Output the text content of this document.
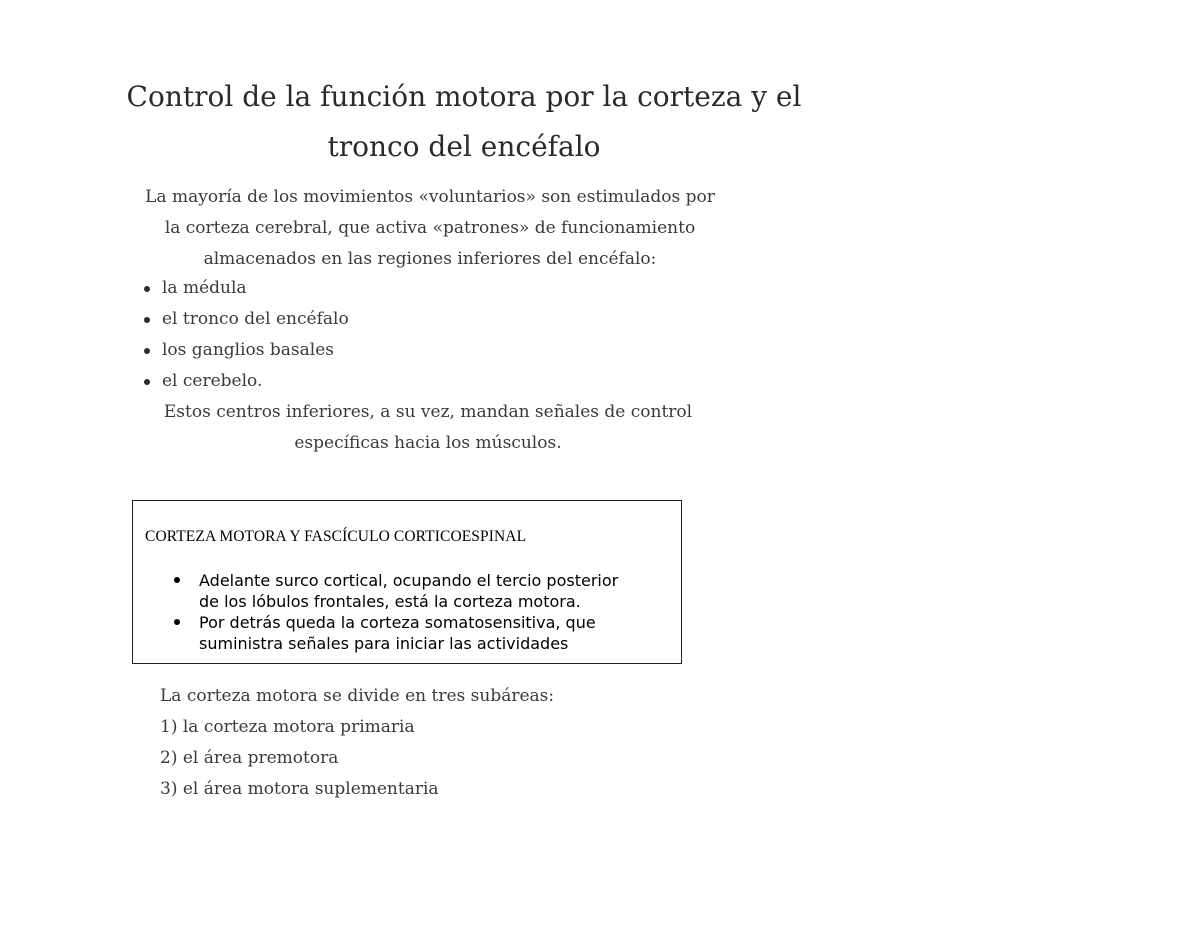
Control de la función motora por la corteza y el
tronco del encéfalo
La mayoría de los movimientos «voluntarios» son estimulados por
la corteza cerebral, que activa «patrones» de funcionamiento
almacenados en las regiones inferiores del encéfalo:
la médula
el tronco del encéfalo
los ganglios basales
el cerebelo.
Estos centros inferiores, a su vez, mandan señales de control
específicas hacia los músculos.
CORTEZA MOTORA Y FASCÍCULO CORTICOESPINAL
Adelante surco cortical, ocupando el tercio posterior de los lóbulos frontales, está la corteza motora.
Por detrás queda la corteza somatosensitiva, que suministra señales para iniciar las actividades
La corteza motora se divide en tres subáreas:
1) la corteza motora primaria
2) el área premotora
3) el área motora suplementaria
